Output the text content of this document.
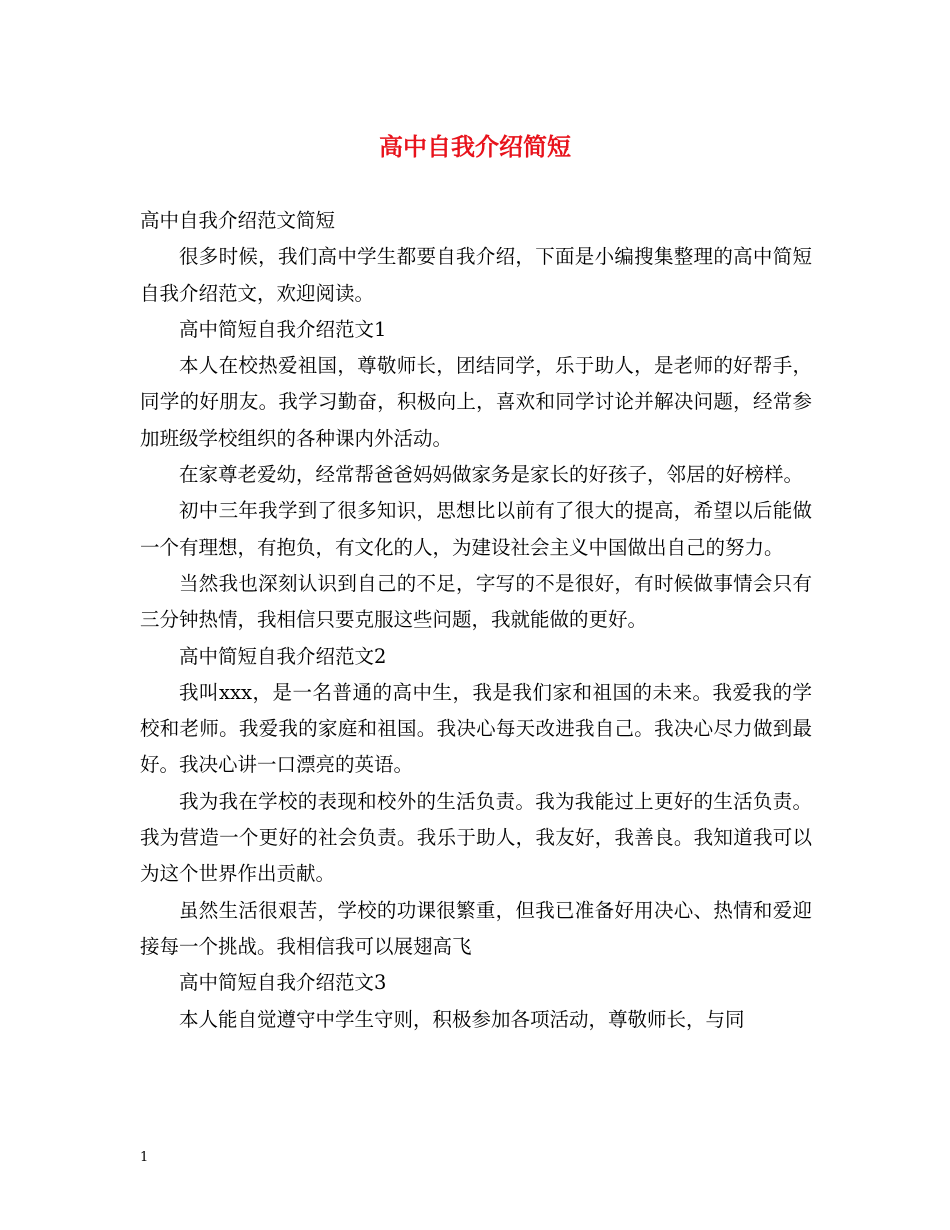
高中自我介绍简短

高中自我介绍范文简短

很多时候，我们高中学生都要自我介绍，下面是小编搜集整理的高中简短自我介绍范文，欢迎阅读。

高中简短自我介绍范文1

本人在校热爱祖国，尊敬师长，团结同学，乐于助人，是老师的好帮手，同学的好朋友。我学习勤奋，积极向上，喜欢和同学讨论并解决问题，经常参加班级学校组织的各种课内外活动。

在家尊老爱幼，经常帮爸爸妈妈做家务是家长的好孩子，邻居的好榜样。

初中三年我学到了很多知识，思想比以前有了很大的提高，希望以后能做一个有理想，有抱负，有文化的人，为建设社会主义中国做出自己的努力。

当然我也深刻认识到自己的不足，字写的不是很好，有时候做事情会只有三分钟热情，我相信只要克服这些问题，我就能做的更好。

高中简短自我介绍范文2

我叫xxx，是一名普通的高中生，我是我们家和祖国的未来。我爱我的学校和老师。我爱我的家庭和祖国。我决心每天改进我自己。我决心尽力做到最好。我决心讲一口漂亮的英语。

我为我在学校的表现和校外的生活负责。我为我能过上更好的生活负责。我为营造一个更好的社会负责。我乐于助人，我友好，我善良。我知道我可以为这个世界作出贡献。

虽然生活很艰苦，学校的功课很繁重，但我已准备好用决心、热情和爱迎接每一个挑战。我相信我可以展翅高飞

高中简短自我介绍范文3

本人能自觉遵守中学生守则，积极参加各项活动，尊敬师长，与同

1
